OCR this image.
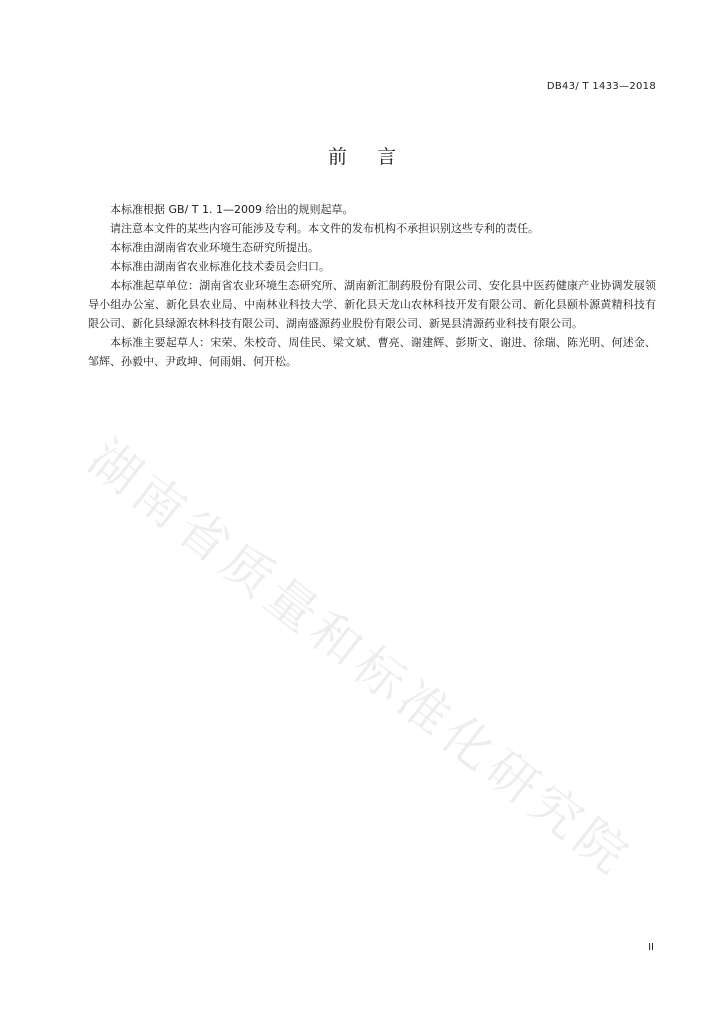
DB43/ T 1433—2018
前 言

本标准根据 GB/ T 1. 1—2009 给出的规则起草。

请注意本文件的某些内容可能涉及专利。本文件的发布机构不承担识别这些专利的责任。

本标准由湖南省农业环境生态研究所提出。

本标准由湖南省农业标准化技术委员会归口。

本标准起草单位：湖南省农业环境生态研究所、湖南新汇制药股份有限公司、安化县中医药健康产业协调发展领导小组办公室、新化县农业局、中南林业科技大学、新化县天龙山农林科技开发有限公司、新化县颐朴源黄精科技有限公司、新化县绿源农林科技有限公司、湖南盛源药业股份有限公司、新晃县清源药业科技有限公司。

本标准主要起草人：宋荣、朱校奇、周佳民、梁文斌、曹亮、谢建辉、彭斯文、谢进、徐瑞、陈光明、何述金、邹辉、孙毅中、尹政坤、何雨娟、何开松。

湖南省质量和标准化研究院
II
